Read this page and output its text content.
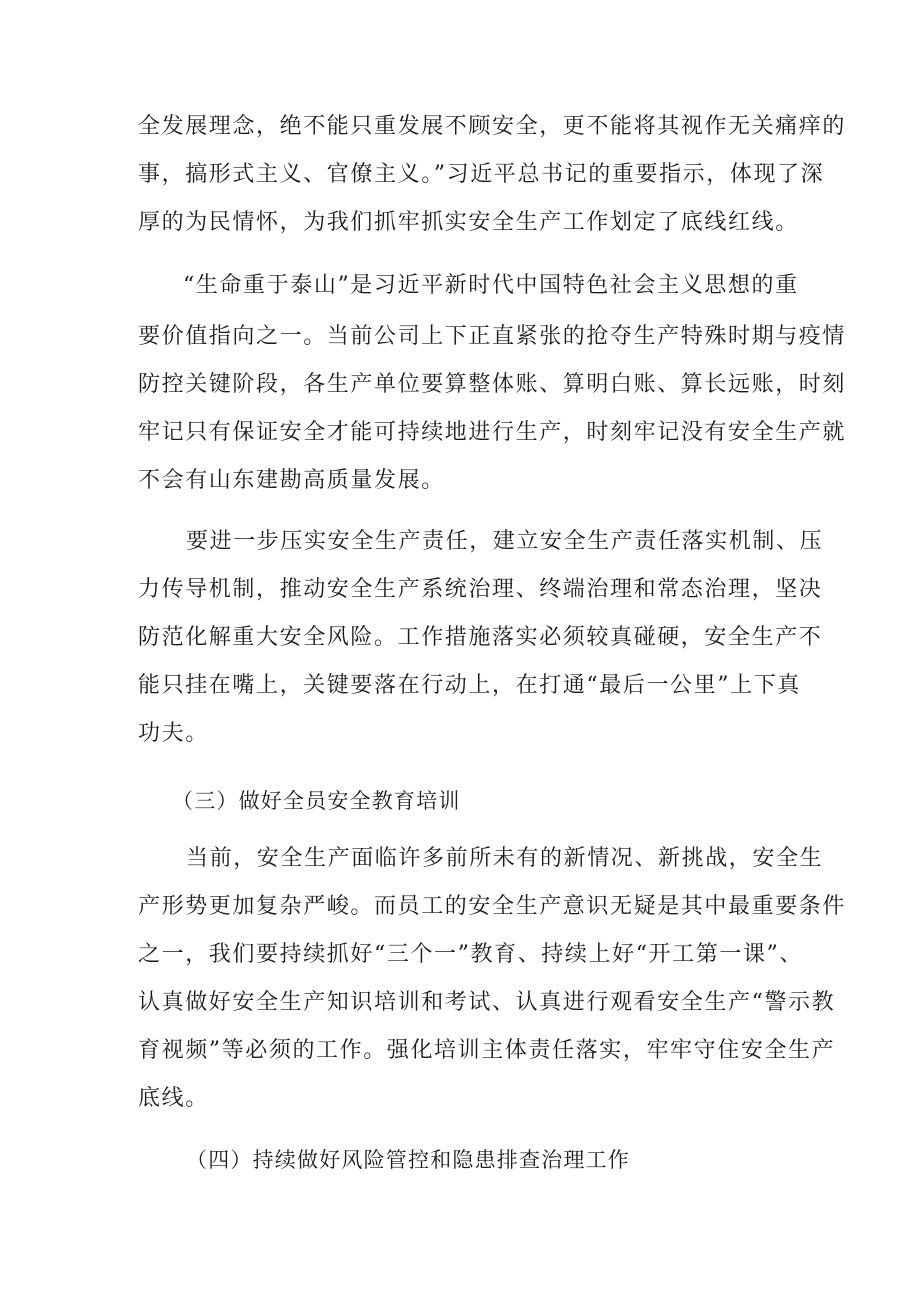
全发展理念，绝不能只重发展不顾安全，更不能将其视作无关痛痒的
事，搞形式主义、官僚主义。”习近平总书记的重要指示，体现了深
厚的为民情怀，为我们抓牢抓实安全生产工作划定了底线红线。
“生命重于泰山”是习近平新时代中国特色社会主义思想的重
要价值指向之一。当前公司上下正直紧张的抢夺生产特殊时期与疫情
防控关键阶段，各生产单位要算整体账、算明白账、算长远账，时刻
牢记只有保证安全才能可持续地进行生产，时刻牢记没有安全生产就
不会有山东建勘高质量发展。
要进一步压实安全生产责任，建立安全生产责任落实机制、压
力传导机制，推动安全生产系统治理、终端治理和常态治理，坚决
防范化解重大安全风险。工作措施落实必须较真碰硬，安全生产不
能只挂在嘴上，关键要落在行动上，在打通“最后一公里”上下真
功夫。
（三）做好全员安全教育培训
当前，安全生产面临许多前所未有的新情况、新挑战，安全生
产形势更加复杂严峻。而员工的安全生产意识无疑是其中最重要条件
之一，我们要持续抓好“三个一”教育、持续上好“开工第一课”、
认真做好安全生产知识培训和考试、认真进行观看安全生产“警示教
育视频”等必须的工作。强化培训主体责任落实，牢牢守住安全生产
底线。
（四）持续做好风险管控和隐患排查治理工作
